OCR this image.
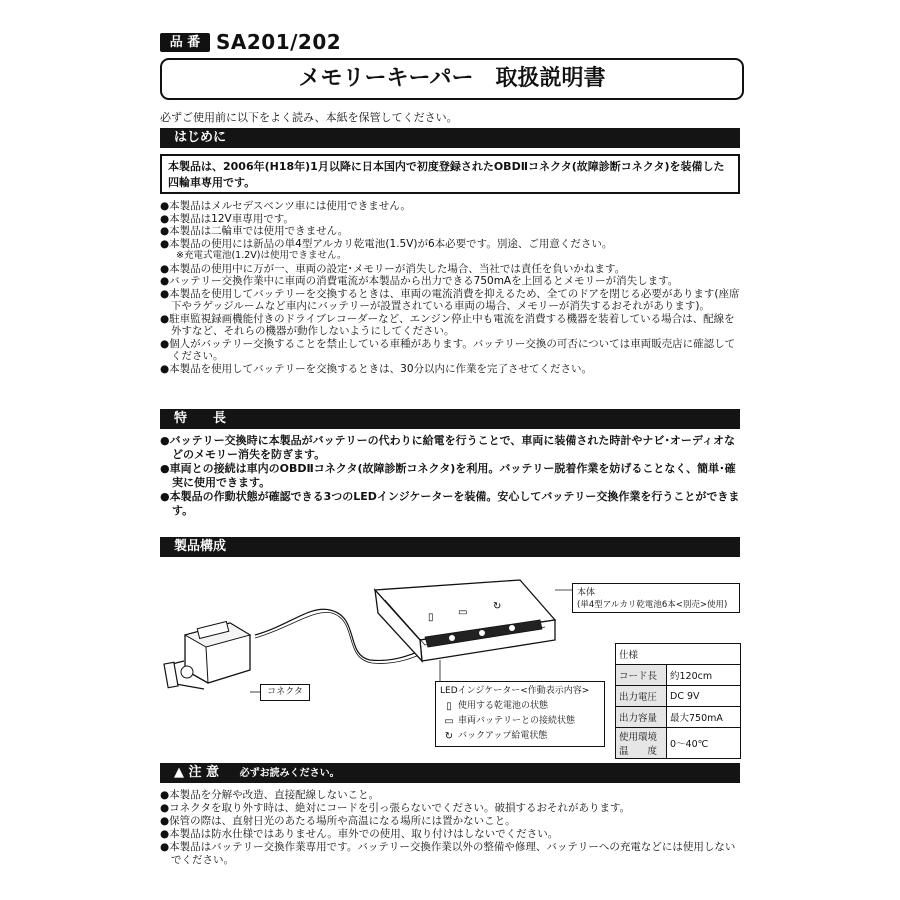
品 番 SA201/202
メモリーキーパー　取扱説明書
必ずご使用前に以下をよく読み、本紙を保管してください。
はじめに
本製品は、2006年(H18年)1月以降に日本国内で初度登録されたOBDⅡコネクタ(故障診断コネクタ)を装備した四輪車専用です。
●本製品はメルセデスベンツ車には使用できません。
●本製品は12V車専用です。
●本製品は二輪車では使用できません。
●本製品の使用には新品の単4型アルカリ乾電池(1.5V)が6本必要です。別途、ご用意ください。
※充電式電池(1.2V)は使用できません。
●本製品の使用中に万が一、車両の設定･メモリーが消失した場合、当社では責任を負いかねます。
●バッテリー交換作業中に車両の消費電流が本製品から出力できる750mAを上回るとメモリーが消失します。
●本製品を使用してバッテリーを交換するときは、車両の電流消費を抑えるため、全てのドアを閉じる必要があります(座席下やラゲッジルームなど車内にバッテリーが設置されている車両の場合、メモリーが消失するおそれがあります)。
●駐車監視録画機能付きのドライブレコーダーなど、エンジン停止中も電流を消費する機器を装着している場合は、配線を外すなど、それらの機器が動作しないようにしてください。
●個人がバッテリー交換することを禁止している車種があります。バッテリー交換の可否については車両販売店に確認してください。
●本製品を使用してバッテリーを交換するときは、30分以内に作業を完了させてください。
特　　長
●バッテリー交換時に本製品がバッテリーの代わりに給電を行うことで、車両に装備された時計やナビ･オーディオなどのメモリー消失を防ぎます。
●車両との接続は車内のOBDⅡコネクタ(故障診断コネクタ)を利用。バッテリー脱着作業を妨げることなく、簡単･確実に使用できます。
●本製品の作動状態が確認できる3つのLEDインジケーターを装備。安心してバッテリー交換作業を行うことができます。
製品構成
▯ ▭
↻
本体
(単4型アルカリ乾電池6本<別売>使用)
コネクタ	LEDインジケーター<作動表示内容>
▯ 使用する乾電池の状態
▭ 車両バッテリーとの接続状態
↻ バックアップ給電状態
仕様	
コード長	約120cm
出力電圧	DC 9V
出力容量	最大750mA
使用環境温　　度	0～40℃
▲ 注 意 必ずお読みください。
●本製品を分解や改造、直接配線しないこと。
●コネクタを取り外す時は、絶対にコードを引っ張らないでください。破損するおそれがあります。
●保管の際は、直射日光のあたる場所や高温になる場所には置かないこと。
●本製品は防水仕様ではありません。車外での使用、取り付けはしないでください。
●本製品はバッテリー交換作業専用です。バッテリー交換作業以外の整備や修理、バッテリーへの充電などには使用しないでください。
